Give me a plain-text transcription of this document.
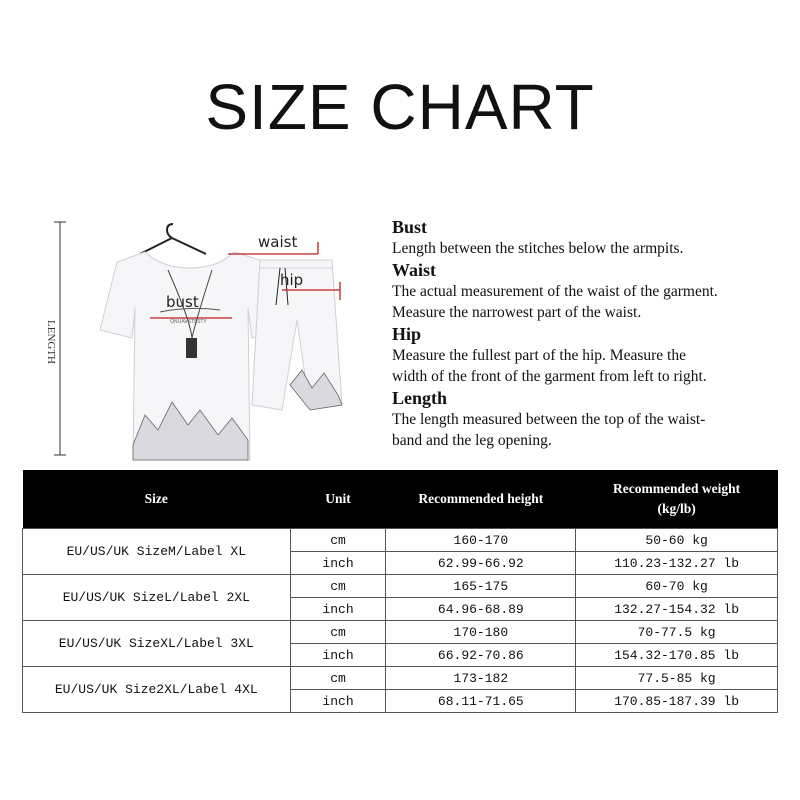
SIZE CHART
LENGTH	QNUAVSTESTY
waist
hip
bust

Bust

Length between the stitches below the armpits.

Waist

The actual measurement of the waist of the garment.

Measure the narrowest part of the waist.

Hip

Measure the fullest part of the hip. Measure the

width of the front of the garment from left to right.

Length

The length measured between the top of the waist-

band and the leg opening.

Size	Unit	Recommended height	Recommended weight
(kg/lb)

EU/US/UK SizeM/Label XL	cm	160-170	50-60 kg
	inch	62.99-66.92	110.23-132.27 lb
EU/US/UK SizeL/Label 2XL	cm	165-175	60-70 kg
	inch	64.96-68.89	132.27-154.32 lb
EU/US/UK SizeXL/Label 3XL	cm	170-180	70-77.5 kg
	inch	66.92-70.86	154.32-170.85 lb
EU/US/UK Size2XL/Label 4XL	cm	173-182	77.5-85 kg
	inch	68.11-71.65	170.85-187.39 lb
